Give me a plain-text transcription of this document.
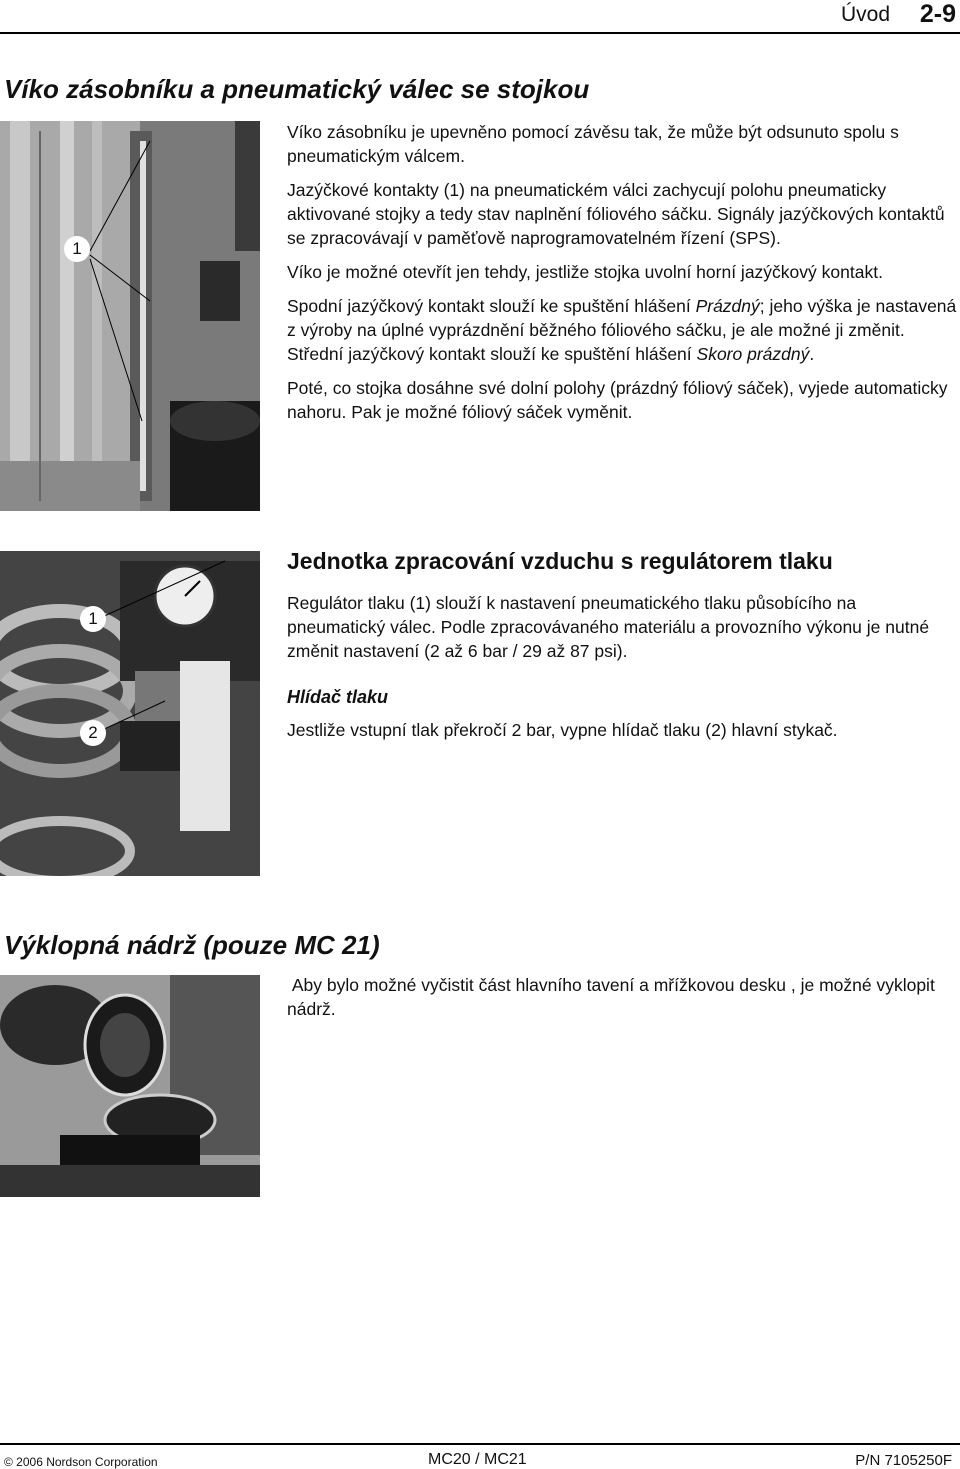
Úvod 2-9
Víko zásobníku a pneumatický válec se stojkou
1

Víko zásobníku je upevněno pomocí závěsu tak, že může být odsunuto spolu s pneumatickým válcem.

Jazýčkové kontakty (1) na pneumatickém válci zachycují polohu pneumaticky aktivované stojky a tedy stav naplnění fóliového sáčku. Signály jazýčkových kontaktů se zpracovávají v paměťově naprogramovatelném řízení (SPS).

Víko je možné otevřít jen tehdy, jestliže stojka uvolní horní jazýčkový kontakt.

Spodní jazýčkový kontakt slouží ke spuštění hlášení Prázdný; jeho výška je nastavená z výroby na úplné vyprázdnění běžného fóliového sáčku, je ale možné ji změnit. Střední jazýčkový kontakt slouží ke spuštění hlášení Skoro prázdný.

Poté, co stojka dosáhne své dolní polohy (prázdný fóliový sáček), vyjede automaticky nahoru. Pak je možné fóliový sáček vyměnit.

1
2
Jednotka zpracování vzduchu s regulátorem tlaku

Regulátor tlaku (1) slouží k nastavení pneumatického tlaku působícího na pneumatický válec. Podle zpracovávaného materiálu a provozního výkonu je nutné změnit nastavení (2 až 6 bar / 29 až 87 psi).

Hlídač tlaku

Jestliže vstupní tlak překročí 2 bar, vypne hlídač tlaku (2) hlavní stykač.

Výklopná nádrž (pouze MC 21)

Aby bylo možné vyčistit část hlavního tavení a mřížkovou desku , je možné vyklopit nádrž.

© 2006 Nordson Corporation	MC20 / MC21	P/N 7105250F
